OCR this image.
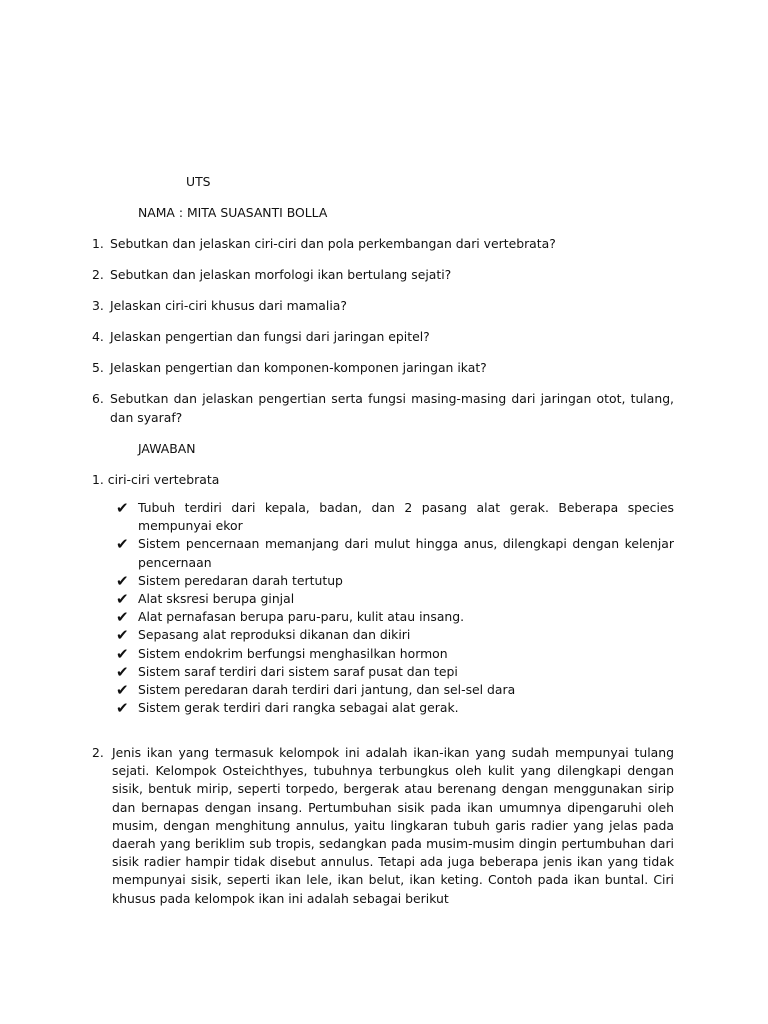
UTS
NAMA : MITA SUASANTI BOLLA
1. Sebutkan dan jelaskan ciri-ciri dan pola perkembangan dari vertebrata?
2. Sebutkan dan jelaskan morfologi ikan bertulang sejati?
3. Jelaskan ciri-ciri khusus dari mamalia?
4. Jelaskan pengertian dan fungsi dari jaringan epitel?
5. Jelaskan pengertian dan komponen-komponen jaringan ikat?
6. Sebutkan dan jelaskan pengertian serta fungsi masing-masing dari jaringan otot, tulang, dan syaraf?
JAWABAN
1. ciri-ciri vertebrata
✔ Tubuh terdiri dari kepala, badan, dan 2 pasang alat gerak. Beberapa species mempunyai ekor
✔ Sistem pencernaan memanjang dari mulut hingga anus, dilengkapi dengan kelenjar pencernaan
✔ Sistem peredaran darah tertutup
✔ Alat sksresi berupa ginjal
✔ Alat pernafasan berupa paru-paru, kulit atau insang.
✔ Sepasang alat reproduksi dikanan dan dikiri
✔ Sistem endokrim berfungsi menghasilkan hormon
✔ Sistem saraf terdiri dari sistem saraf pusat dan tepi
✔ Sistem peredaran darah terdiri dari jantung, dan sel-sel dara
✔ Sistem gerak terdiri dari rangka sebagai alat gerak.
2. Jenis ikan yang termasuk kelompok ini adalah ikan-ikan yang sudah mempunyai tulang sejati. Kelompok Osteichthyes, tubuhnya terbungkus oleh kulit yang dilengkapi dengan sisik, bentuk mirip, seperti torpedo, bergerak atau berenang dengan menggunakan sirip dan bernapas dengan insang. Pertumbuhan sisik pada ikan umumnya dipengaruhi oleh musim, dengan menghitung annulus, yaitu lingkaran tubuh garis radier yang jelas pada daerah yang beriklim sub tropis, sedangkan pada musim-musim dingin pertumbuhan dari sisik radier hampir tidak disebut annulus. Tetapi ada juga beberapa jenis ikan yang tidak mempunyai sisik, seperti ikan lele, ikan belut, ikan keting. Contoh pada ikan buntal. Ciri khusus pada kelompok ikan ini adalah sebagai berikut
